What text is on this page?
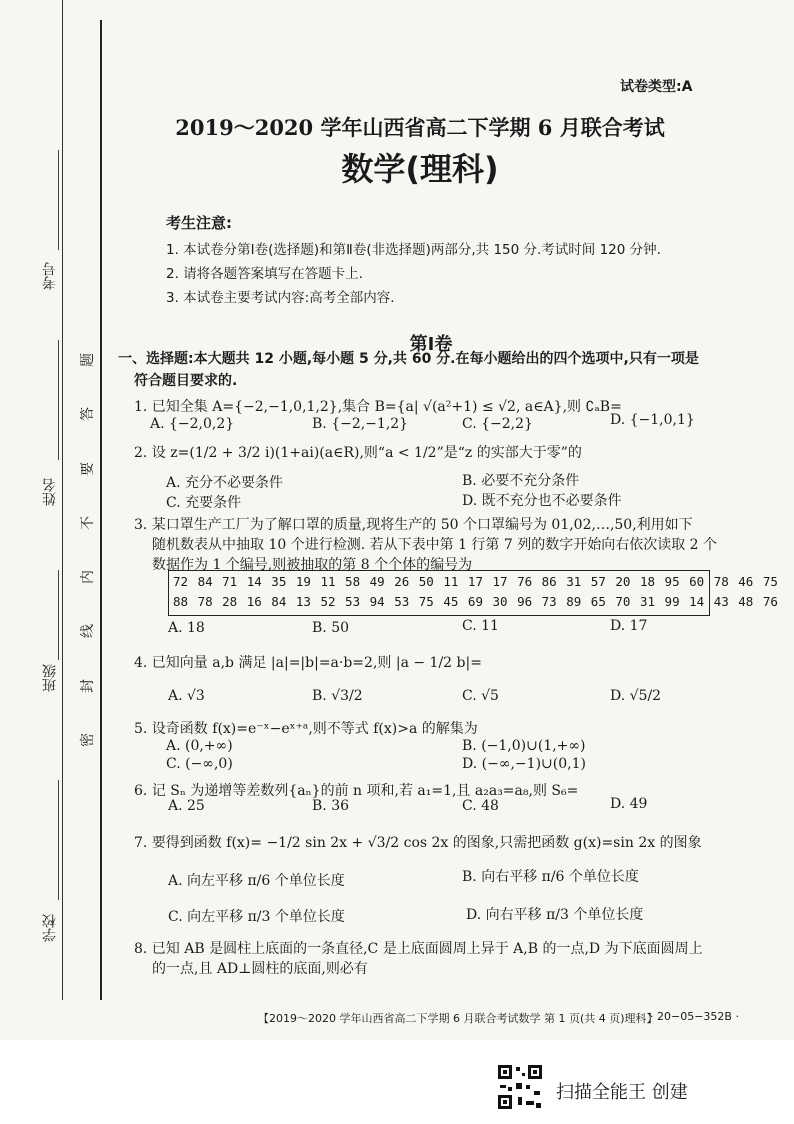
考号
姓名
班级
学校
题
答
要
不
内
线
封
密
试卷类型:A
2019～2020 学年山西省高二下学期 6 月联合考试
数学(理科)
考生注意:
1. 本试卷分第Ⅰ卷(选择题)和第Ⅱ卷(非选择题)两部分,共 150 分.考试时间 120 分钟.
2. 请将各题答案填写在答题卡上.
3. 本试卷主要考试内容:高考全部内容.
第Ⅰ卷
一、选择题:本大题共 12 小题,每小题 5 分,共 60 分.在每小题给出的四个选项中,只有一项是
符合题目要求的.
1. 已知全集 A={−2,−1,0,1,2},集合 B={a| √(a²+1) ≤ √2, a∈A},则 ∁ₐB=
A. {−2,0,2}	B. {−2,−1,2}	C. {−2,2}	D. {−1,0,1}
2. 设 z=(1/2 + 3/2 i)(1+ai)(a∈R),则“a < 1/2”是“z 的实部大于零”的
A. 充分不必要条件	B. 必要不充分条件
C. 充要条件	D. 既不充分也不必要条件
3. 某口罩生产工厂为了解口罩的质量,现将生产的 50 个口罩编号为 01,02,…,50,利用如下
随机数表从中抽取 10 个进行检测. 若从下表中第 1 行第 7 列的数字开始向右依次读取 2 个
数据作为 1 个编号,则被抽取的第 8 个个体的编号为
72 84 71 14 35 19 11 58 49 26 50 11 17 17 76 86 31 57 20 18 95 60 78 46 75
88 78 28 16 84 13 52 53 94 53 75 45 69 30 96 73 89 65 70 31 99 14 43 48 76
A. 18	B. 50	C. 11	D. 17
4. 已知向量 a,b 满足 |a|=|b|=a·b=2,则 |a − 1/2 b|=
A. √3	B. √3/2	C. √5	D. √5/2
5. 设奇函数 f(x)=e⁻ˣ−eˣ⁺ᵃ,则不等式 f(x)>a 的解集为
A. (0,+∞)	B. (−1,0)∪(1,+∞)
C. (−∞,0)	D. (−∞,−1)∪(0,1)
6. 记 Sₙ 为递增等差数列{aₙ}的前 n 项和,若 a₁=1,且 a₂a₃=a₈,则 S₆=
A. 25	B. 36	C. 48	D. 49
7. 要得到函数 f(x)= −1/2 sin 2x + √3/2 cos 2x 的图象,只需把函数 g(x)=sin 2x 的图象
A. 向左平移 π/6 个单位长度	B. 向右平移 π/6 个单位长度
C. 向左平移 π/3 个单位长度	D. 向右平移 π/3 个单位长度
8. 已知 AB 是圆柱上底面的一条直径,C 是上底面圆周上异于 A,B 的一点,D 为下底面圆周上
的一点,且 AD⊥圆柱的底面,则必有
【2019～2020 学年山西省高二下学期 6 月联合考试数学 第 1 页(共 4 页)理科】
· 20−05−352B ·
扫描全能王 创建
